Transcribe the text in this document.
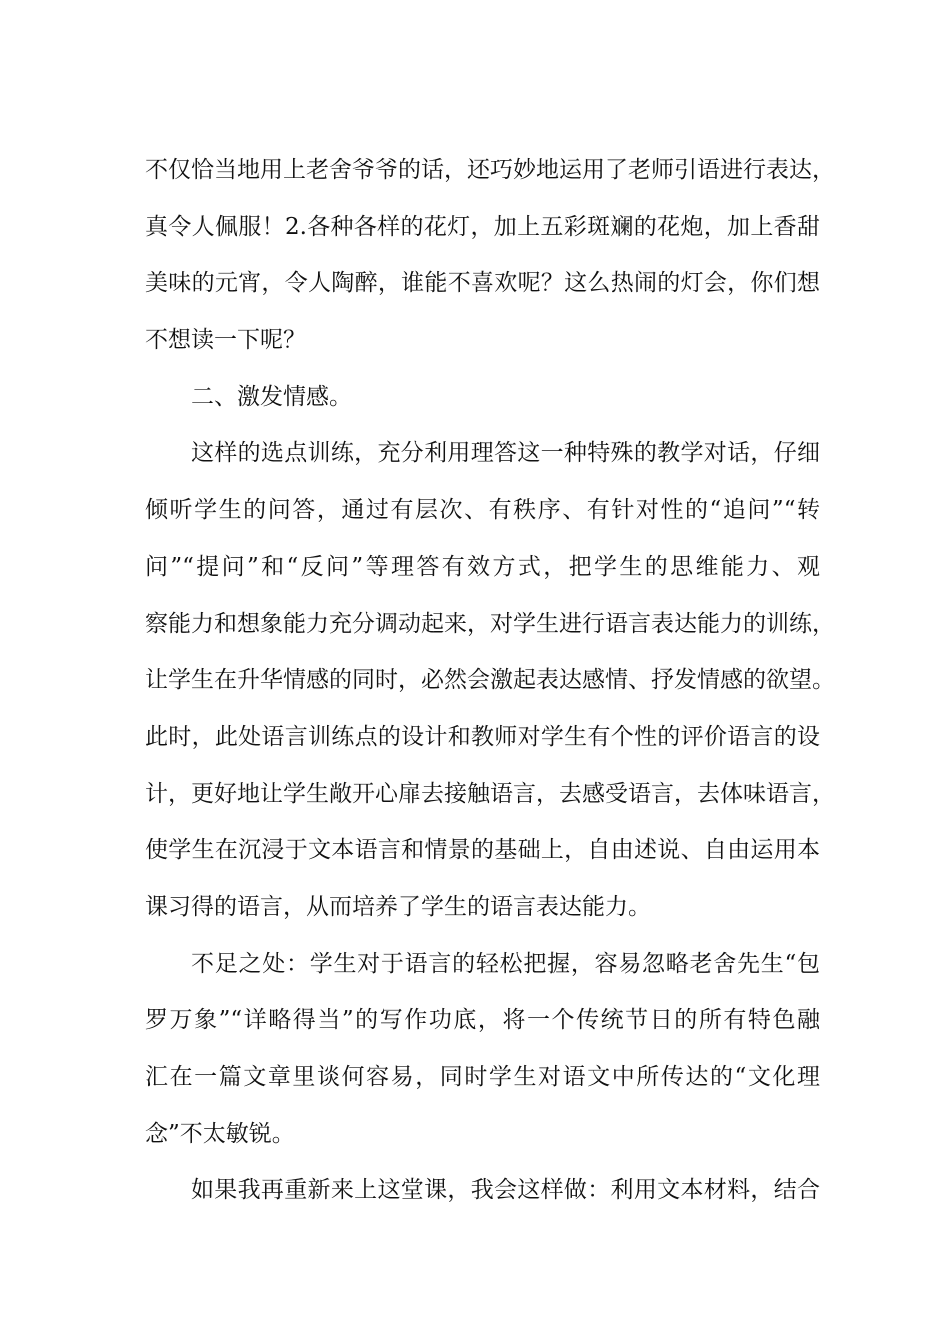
不仅恰当地用上老舍爷爷的话，还巧妙地运用了老师引语进行表达，
真令人佩服！2.各种各样的花灯，加上五彩斑斓的花炮，加上香甜
美味的元宵，令人陶醉，谁能不喜欢呢？这么热闹的灯会，你们想
不想读一下呢？
二、激发情感。
这样的选点训练，充分利用理答这一种特殊的教学对话，仔细
倾听学生的问答，通过有层次、有秩序、有针对性的“追问”“转
问”“提问”和“反问”等理答有效方式，把学生的思维能力、观
察能力和想象能力充分调动起来，对学生进行语言表达能力的训练，
让学生在升华情感的同时，必然会激起表达感情、抒发情感的欲望。
此时，此处语言训练点的设计和教师对学生有个性的评价语言的设
计，更好地让学生敞开心扉去接触语言，去感受语言，去体味语言，
使学生在沉浸于文本语言和情景的基础上，自由述说、自由运用本
课习得的语言，从而培养了学生的语言表达能力。
不足之处：学生对于语言的轻松把握，容易忽略老舍先生“包
罗万象”“详略得当”的写作功底，将一个传统节日的所有特色融
汇在一篇文章里谈何容易，同时学生对语文中所传达的“文化理
念”不太敏锐。
如果我再重新来上这堂课，我会这样做：利用文本材料，结合
